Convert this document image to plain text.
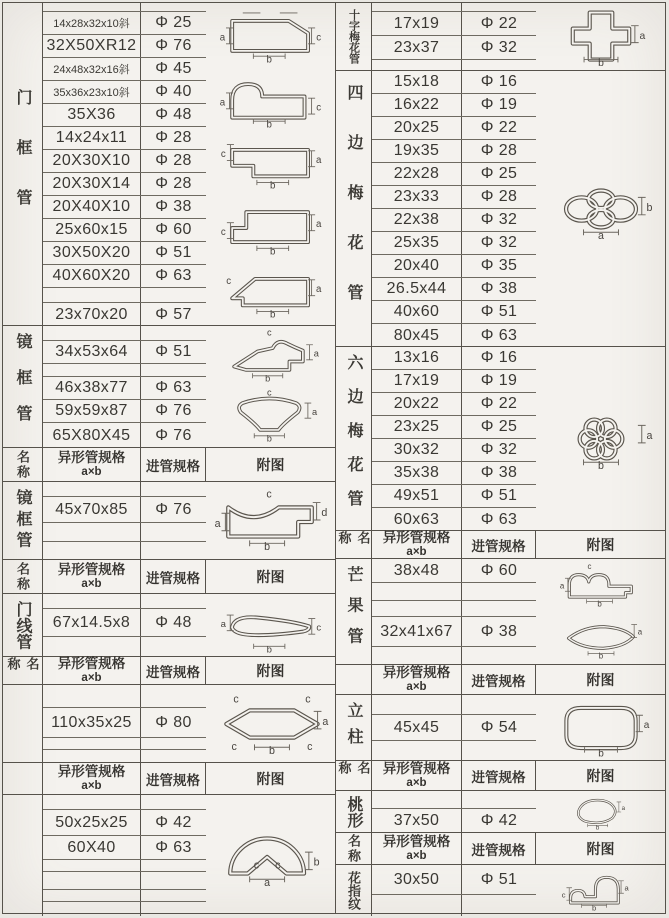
门框管
14x28x32x10斜	Φ 25
32X50XR12	Φ 76
24x48x32x16斜	Φ 45
35x36x23x10斜	Φ 40
35X36	Φ 48
14x24x11	Φ 28
20X30X10	Φ 28
20X30X14	Φ 28
20X40X10	Φ 38
25x60x15	Φ 60
30X50X20	Φ 51
40X60X20	Φ 63
23x70x20	Φ 57
a
b
c
a
b
c
c
a
b
c
a
b
c
a
b
镜框管	34x53x64	Φ 51
46x38x77	Φ 63
59x59x87	Φ 76
65X80X45	Φ 76
c
a
b
c
a
b
名称	异形管规格
a×b	进管规格	附图
镜框管	45x70x85	Φ 76
c
a
b
d
名称	异形管规格
a×b	进管规格	附图
门线管	67x14.5x8	Φ 48	a
b
c
名称	异形管规格
a×b	进管规格	附图
110x35x25	Φ 80
c	c
c	c
a
b
异形管规格
a×b	进管规格	附图
50x25x25	Φ 42
60X40	Φ 63
c c
a
b
十字梅花管	17x19	Φ 22
23x37	Φ 32
a
b
四边梅花管
15x18	Φ 16
16x22	Φ 19
20x25	Φ 22
19x35	Φ 28
22x28	Φ 25
23x33	Φ 28
22x38	Φ 32
25x35	Φ 32
20x40	Φ 35
26.5x44	Φ 38
40x60	Φ 51
80x45	Φ 63
b
a
六边梅花管	13x16	Φ 16
17x19	Φ 19
20x22	Φ 22
23x25	Φ 25
30x32	Φ 32
35x38	Φ 38
49x51	Φ 51
60x63	Φ 63
a
b
名称	异形管规格
a×b	进管规格	附图
芒果管	38x48	Φ 60
32x41x67	Φ 38
c
a
b
a
b
异形管规格
a×b	进管规格	附图
立柱	45x45	Φ 54	a
b
名称	异形管规格
a×b	进管规格	附图
桃形	37x50	Φ 42
a
b
名称	异形管规格
a×b	进管规格	附图
花指纹	30x50	Φ 51
c
a
b
